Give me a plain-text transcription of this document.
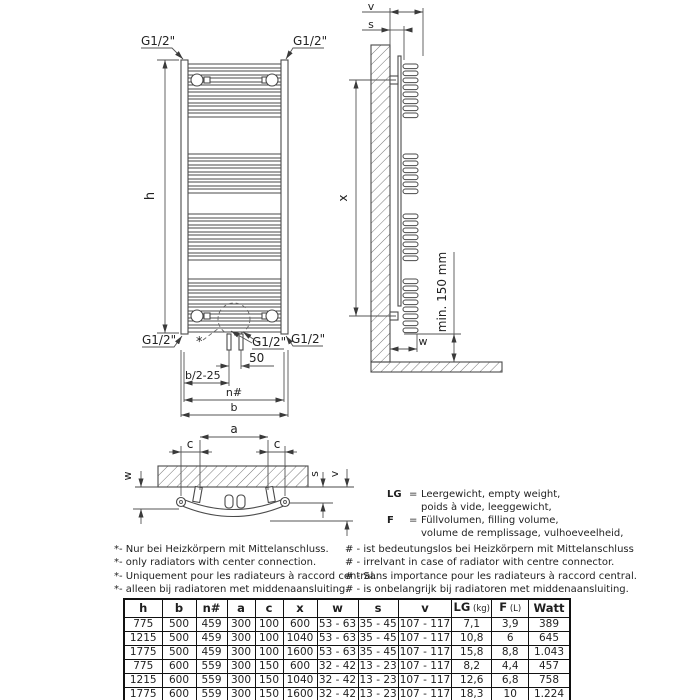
h
G1/2"	G1/2"
G1/2"	G1/2"
G1/2"
*
50
b/2-25
n#
b
v
s
x
min. 150 mm
w
a
c	c
w	s v
LG = Leergewicht, empty weight,
poids à vide, leeggewicht,
F	= Füllvolumen, filling volume,
volume de remplissage, vulhoeveelheid,
*- Nur bei Heizkörpern mit Mittelanschluss.
*- only radiators with center connection.
*- Uniquement pour les radiateurs à raccord central.
*- alleen bij radiatoren met middenaansluiting.
# - ist bedeutungslos bei Heizkörpern mit Mittelanschluss
# - irrelvant in case of radiator with centre connector.
# - Sans importance pour les radiateurs à raccord central.
# - is onbelangrijk bij radiatoren met middenaansluiting.
h	b	n#	a	c	x	w	s	v	LG (kg)	F (L)	Watt
775	500	459	300	100	600	53 - 63	35 - 45	107 - 117	7,1	3,9	389
1215	500	459	300	100	1040	53 - 63	35 - 45	107 - 117	10,8	6	645
1775	500	459	300	100	1600	53 - 63	35 - 45	107 - 117	15,8	8,8	1.043
775	600	559	300	150	600	32 - 42	13 - 23	107 - 117	8,2	4,4	457
1215	600	559	300	150	1040	32 - 42	13 - 23	107 - 117	12,6	6,8	758
1775	600	559	300	150	1600	32 - 42	13 - 23	107 - 117	18,3	10	1.224
